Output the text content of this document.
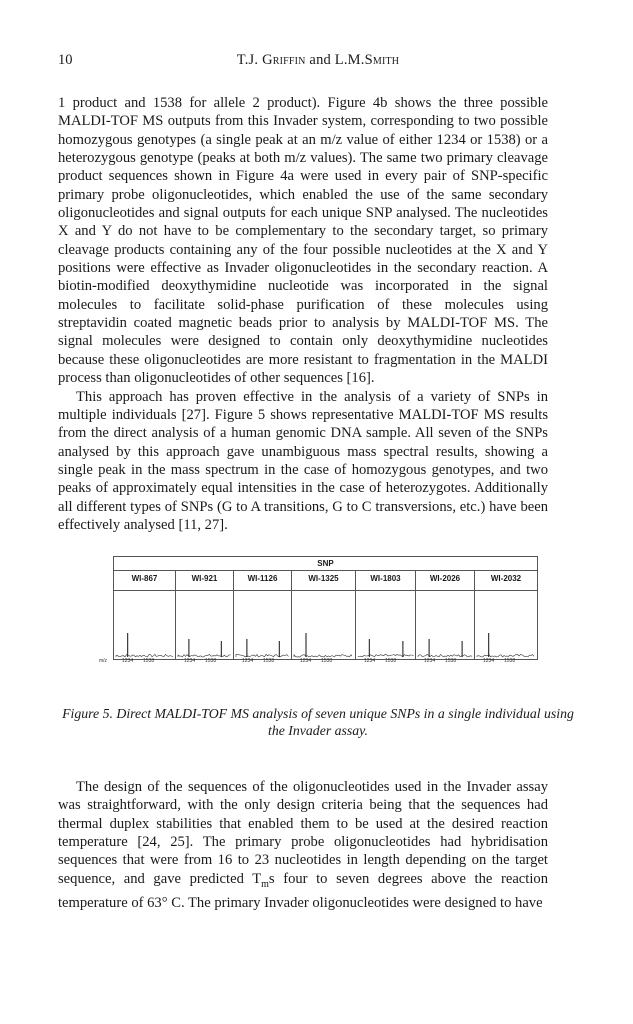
10	T.J. Griffin and L.M.Smith

1 product and 1538 for allele 2 product). Figure 4b shows the three possible MALDI-TOF MS outputs from this Invader system, corresponding to two possible homozygous genotypes (a single peak at an m/z value of either 1234 or 1538) or a heterozygous genotype (peaks at both m/z values). The same two primary cleavage product sequences shown in Figure 4a were used in every pair of SNP-specific primary probe oligonucleotides, which enabled the use of the same secondary oligonucleotides and signal outputs for each unique SNP analysed. The nucleotides X and Y do not have to be complementary to the secondary target, so primary cleavage products containing any of the four possible nucleotides at the X and Y positions were effective as Invader oligonucleotides in the secondary reaction. A biotin-modified deoxythymidine nucleotide was incorporated in the signal molecules to facilitate solid-phase purification of these molecules using streptavidin coated magnetic beads prior to analysis by MALDI-TOF MS. The signal molecules were designed to contain only deoxythymidine nucleotides because these oligonucleotides are more resistant to fragmentation in the MALDI process than oligonucleotides of other sequences [16].

This approach has proven effective in the analysis of a variety of SNPs in multiple individuals [27]. Figure 5 shows representative MALDI-TOF MS results from the direct analysis of a human genomic DNA sample. All seven of the SNPs analysed by this approach gave unambiguous mass spectral results, showing a single peak in the mass spectrum in the case of homozygous genotypes, and two peaks of approximately equal intensities in the case of heterozygotes. Additionally all different types of SNPs (G to A transitions, G to C transversions, etc.) have been effectively analysed [11, 27].

SNP
WI-867	WI-921	WI-1126	WI-1325	WI-1803	WI-2026	WI-2032
m/z	1234 1538	1234 1538	1234 1538	1234 1538	1234 1538	1234 1538	1234 1538
Figure 5. Direct MALDI-TOF MS analysis of seven unique SNPs in a single individual using
the Invader assay.

The design of the sequences of the oligonucleotides used in the Invader assay was straightforward, with the only design criteria being that the sequences had thermal duplex stabilities that enabled them to be used at the desired reaction temperature [24, 25]. The primary probe oligonucleotides had hybridisation sequences that were from 16 to 23 nucleotides in length depending on the target sequence, and gave predicted $T_ms$ four to seven degrees above the reaction temperature of 63° C. The primary Invader oligonucleotides were designed to have
